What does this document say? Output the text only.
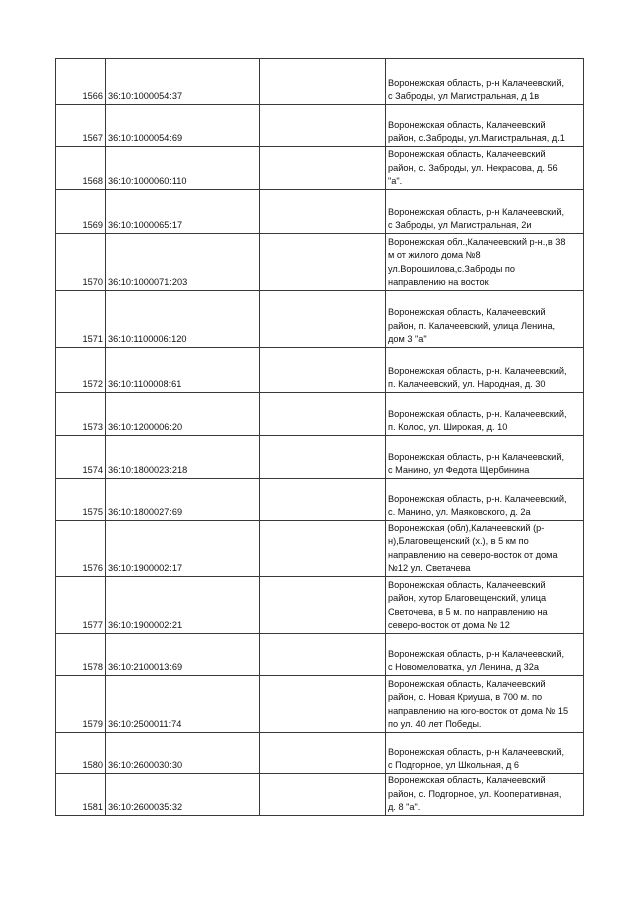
1566	36:10:1000054:37		Воронежская область, р-н Калачеевский,
с Заброды, ул Магистральная, д 1в

1567	36:10:1000054:69		Воронежская область, Калачеевский
район, с.Заброды, ул.Магистральная, д.1

1568	36:10:1000060:110		Воронежская область, Калачеевский
район, с. Заброды, ул. Некрасова, д. 56
"а".

1569	36:10:1000065:17		Воронежская область, р-н Калачеевский,
с Заброды, ул Магистральная, 2и

1570	36:10:1000071:203		Воронежская обл.,Калачеевский р-н.,в 38
м от жилого дома №8
ул.Ворошилова,с.Заброды по
направлению на восток

1571	36:10:1100006:120		Воронежская область, Калачеевский
район, п. Калачеевский, улица Ленина,
дом 3 "а"

1572	36:10:1100008:61		Воронежская область, р-н. Калачеевский,
п. Калачеевский, ул. Народная, д. 30

1573	36:10:1200006:20		Воронежская область, р-н. Калачеевский,
п. Колос, ул. Широкая, д. 10

1574	36:10:1800023:218		Воронежская область, р-н Калачеевский,
с Манино, ул Федота Щербинина

1575	36:10:1800027:69		Воронежская область, р-н. Калачеевский,
с. Манино, ул. Маяковского, д. 2а

1576	36:10:1900002:17		Воронежская (обл),Калачеевский (р-
н),Благовещенский (х.), в 5 км по
направлению на северо-восток от дома
№12 ул. Светачева

1577	36:10:1900002:21		Воронежская область, Калачеевский
район, хутор Благовещенский, улица
Светочева, в 5 м. по направлению на
северо-восток от дома № 12

1578	36:10:2100013:69		Воронежская область, р-н Калачеевский,
с Новомеловатка, ул Ленина, д 32а

1579	36:10:2500011:74		Воронежская область, Калачеевский
район, с. Новая Криуша, в 700 м. по
направлению на юго-восток от дома № 15
по ул. 40 лет Победы.

1580	36:10:2600030:30		Воронежская область, р-н Калачеевский,
с Подгорное, ул Школьная, д 6

1581	36:10:2600035:32		Воронежская область, Калачеевский
район, с. Подгорное, ул. Кооперативная,
д. 8 "а".
